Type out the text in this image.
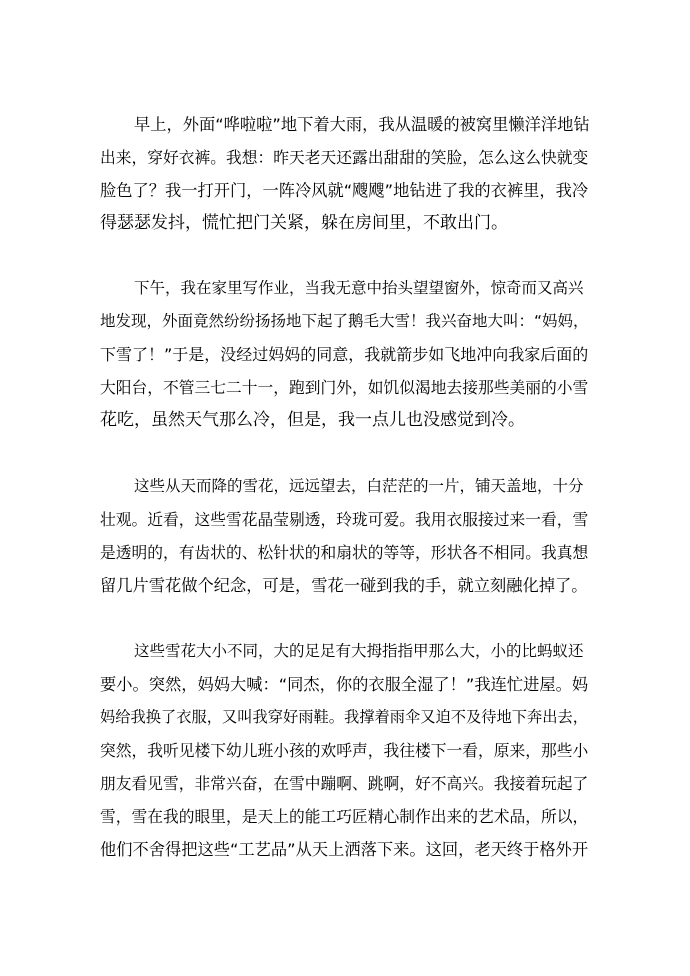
早上，外面“哗啦啦”地下着大雨，我从温暖的被窝里懒洋洋地钻
出来，穿好衣裤。我想：昨天老天还露出甜甜的笑脸，怎么这么快就变
脸色了？我一打开门，一阵冷风就“飕飕”地钻进了我的衣裤里，我冷
得瑟瑟发抖，慌忙把门关紧，躲在房间里，不敢出门。
下午，我在家里写作业，当我无意中抬头望望窗外，惊奇而又高兴
地发现，外面竟然纷纷扬扬地下起了鹅毛大雪！我兴奋地大叫：“妈妈，
下雪了！”于是，没经过妈妈的同意，我就箭步如飞地冲向我家后面的
大阳台，不管三七二十一，跑到门外，如饥似渴地去接那些美丽的小雪
花吃，虽然天气那么冷，但是，我一点儿也没感觉到冷。
这些从天而降的雪花，远远望去，白茫茫的一片，铺天盖地，十分
壮观。近看，这些雪花晶莹剔透，玲珑可爱。我用衣服接过来一看，雪
是透明的，有齿状的、松针状的和扇状的等等，形状各不相同。我真想
留几片雪花做个纪念，可是，雪花一碰到我的手，就立刻融化掉了。
这些雪花大小不同，大的足足有大拇指指甲那么大，小的比蚂蚁还
要小。突然，妈妈大喊：“同杰，你的衣服全湿了！”我连忙进屋。妈
妈给我换了衣服，又叫我穿好雨鞋。我撑着雨伞又迫不及待地下奔出去，
突然，我听见楼下幼儿班小孩的欢呼声，我往楼下一看，原来，那些小
朋友看见雪，非常兴奋，在雪中蹦啊、跳啊，好不高兴。我接着玩起了
雪，雪在我的眼里，是天上的能工巧匠精心制作出来的艺术品，所以，
他们不舍得把这些“工艺品”从天上洒落下来。这回，老天终于格外开
